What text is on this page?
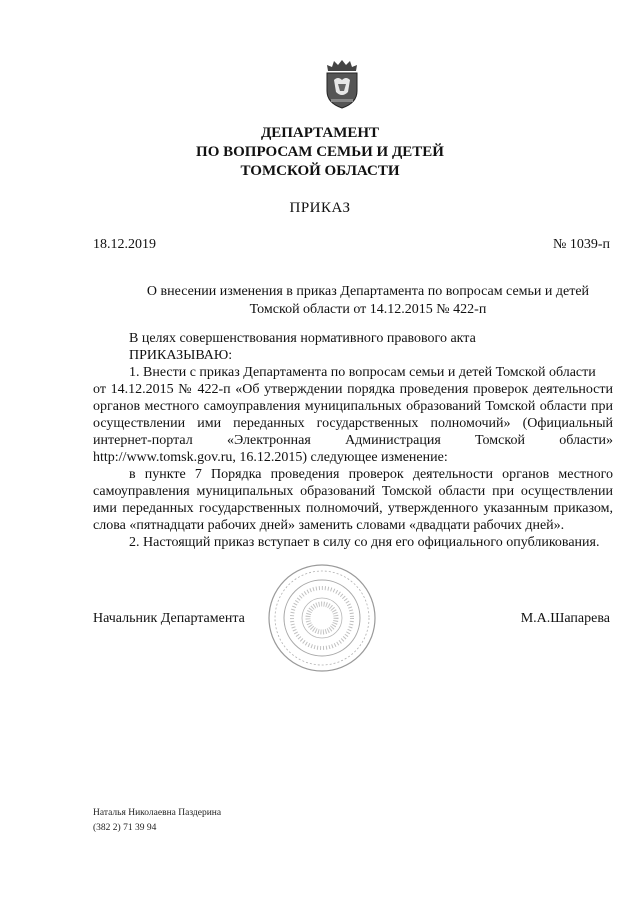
ДЕПАРТАМЕНТ
ПО ВОПРОСАМ СЕМЬИ И ДЕТЕЙ
ТОМСКОЙ ОБЛАСТИ
ПРИКАЗ
18.12.2019	№ 1039-п
О внесении изменения в приказ Департамента по вопросам семьи и детей
Томской области от 14.12.2015 № 422-п
В целях совершенствования нормативного правового акта
ПРИКАЗЫВАЮ:
1. Внести с приказ Департамента по вопросам семьи и детей Томской области
от 14.12.2015 № 422-п «Об утверждении порядка проведения проверок деятельности
органов местного самоуправления муниципальных образований Томской области при
осуществлении ими переданных государственных полномочий» (Официальный
интернет-портал «Электронная Администрация Томской области»
http://www.tomsk.gov.ru, 16.12.2015) следующее изменение:
в пункте 7 Порядка проведения проверок деятельности органов местного
самоуправления муниципальных образований Томской области при осуществлении
ими переданных государственных полномочий, утвержденного указанным приказом,
слова «пятнадцати рабочих дней» заменить словами «двадцати рабочих дней».
2. Настоящий приказ вступает в силу со дня его официального опубликования.
Начальник Департамента	М.А.Шапарева
Наталья Николаевна Паздерина
(382 2) 71 39 94
